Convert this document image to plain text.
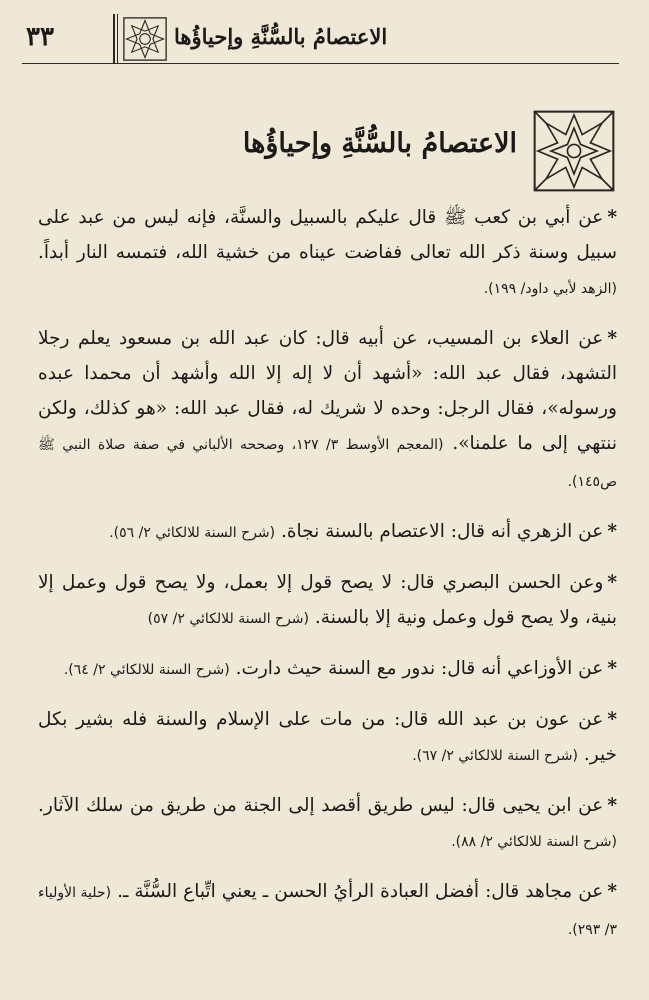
٣٣	الاعتصامُ بالسُّنَّةِ وإحياؤُها
الاعتصامُ بالسُّنَّةِ وإحياؤُها

*عن أبي بن كعب ﷺ قال عليكم بالسبيل والسنَّة، فإنه ليس من عبد على سبيل وسنة ذكر الله تعالى ففاضت عيناه من خشية الله، فتمسه النار أبداً. (الزهد لأبي داود/ ١٩٩).

*عن العلاء بن المسيب، عن أبيه قال: كان عبد الله بن مسعود يعلم رجلا التشهد، فقال عبد الله: «أشهد أن لا إله إلا الله وأشهد أن محمدا عبده ورسوله»، فقال الرجل: وحده لا شريك له، فقال عبد الله: «هو كذلك، ولكن ننتهي إلى ما علمنا». (المعجم الأوسط ٣/ ١٢٧، وصححه الألباني في صفة صلاة النبي ﷺ ص١٤٥).

*عن الزهري أنه قال: الاعتصام بالسنة نجاة. (شرح السنة للالكائي ٢/ ٥٦).

*وعن الحسن البصري قال: لا يصح قول إلا بعمل، ولا يصح قول وعمل إلا بنية، ولا يصح قول وعمل ونية إلا بالسنة. (شرح السنة للالكائي ٢/ ٥٧)

*عن الأوزاعي أنه قال: ندور مع السنة حيث دارت. (شرح السنة للالكائي ٢/ ٦٤).

*عن عون بن عبد الله قال: من مات على الإسلام والسنة فله بشير بكل خير. (شرح السنة للالكائي ٢/ ٦٧).

*عن ابن يحيى قال: ليس طريق أقصد إلى الجنة من طريق من سلك الآثار. (شرح السنة للالكائي ٢/ ٨٨).

*عن مجاهد قال: أفضل العبادة الرأيُ الحسن ـ يعني اتِّباع السُّنَّة ـ. (حلية الأولياء ٣/ ٢٩٣).
